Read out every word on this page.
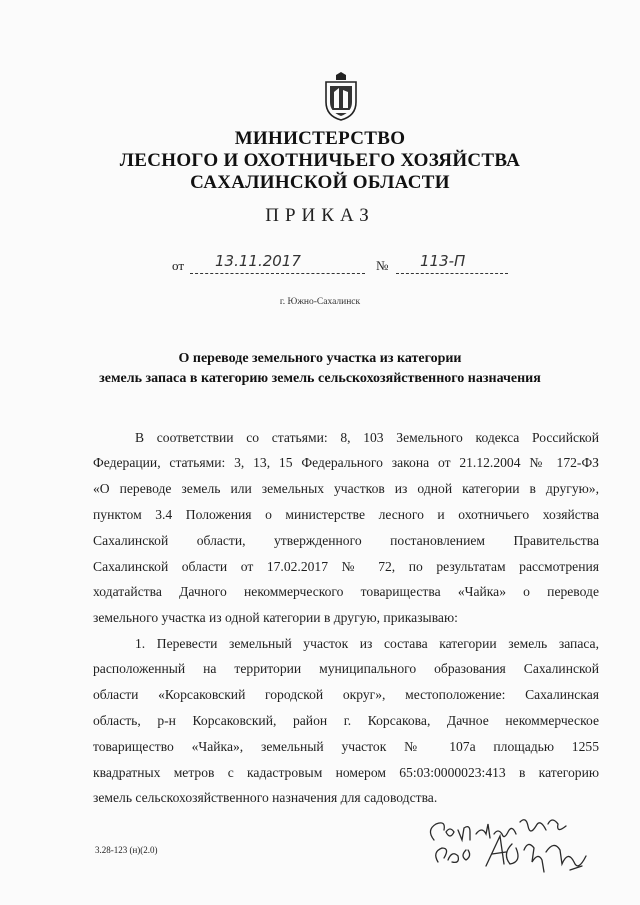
МИНИСТЕРСТВО
ЛЕСНОГО И ОХОТНИЧЬЕГО ХОЗЯЙСТВА
САХАЛИНСКОЙ ОБЛАСТИ
ПРИКАЗ
от 13.11.2017	№ 113-П
г. Южно-Сахалинск
О переводе земельного участка из категории
земель запаса в категорию земель сельскохозяйственного назначения
В соответствии со статьями: 8, 103 Земельного кодекса Российской
Федерации, статьями: 3, 13, 15 Федерального закона от 21.12.2004 № 172-ФЗ
«О переводе земель или земельных участков из одной категории в другую»,
пунктом 3.4 Положения о министерстве лесного и охотничьего хозяйства
Сахалинской области, утвержденного постановлением Правительства
Сахалинской области от 17.02.2017 № 72, по результатам рассмотрения
ходатайства Дачного некоммерческого товарищества «Чайка» о переводе
земельного участка из одной категории в другую, приказываю:
1. Перевести земельный участок из состава категории земель запаса,
расположенный на территории муниципального образования Сахалинской
области «Корсаковский городской округ», местоположение: Сахалинская
область, р-н Корсаковский, район г. Корсакова, Дачное некоммерческое
товарищество «Чайка», земельный участок № 107а площадью 1255
квадратных метров с кадастровым номером 65:03:0000023:413 в категорию
земель сельскохозяйственного назначения для садоводства.
3.28-123 (н)(2.0)
